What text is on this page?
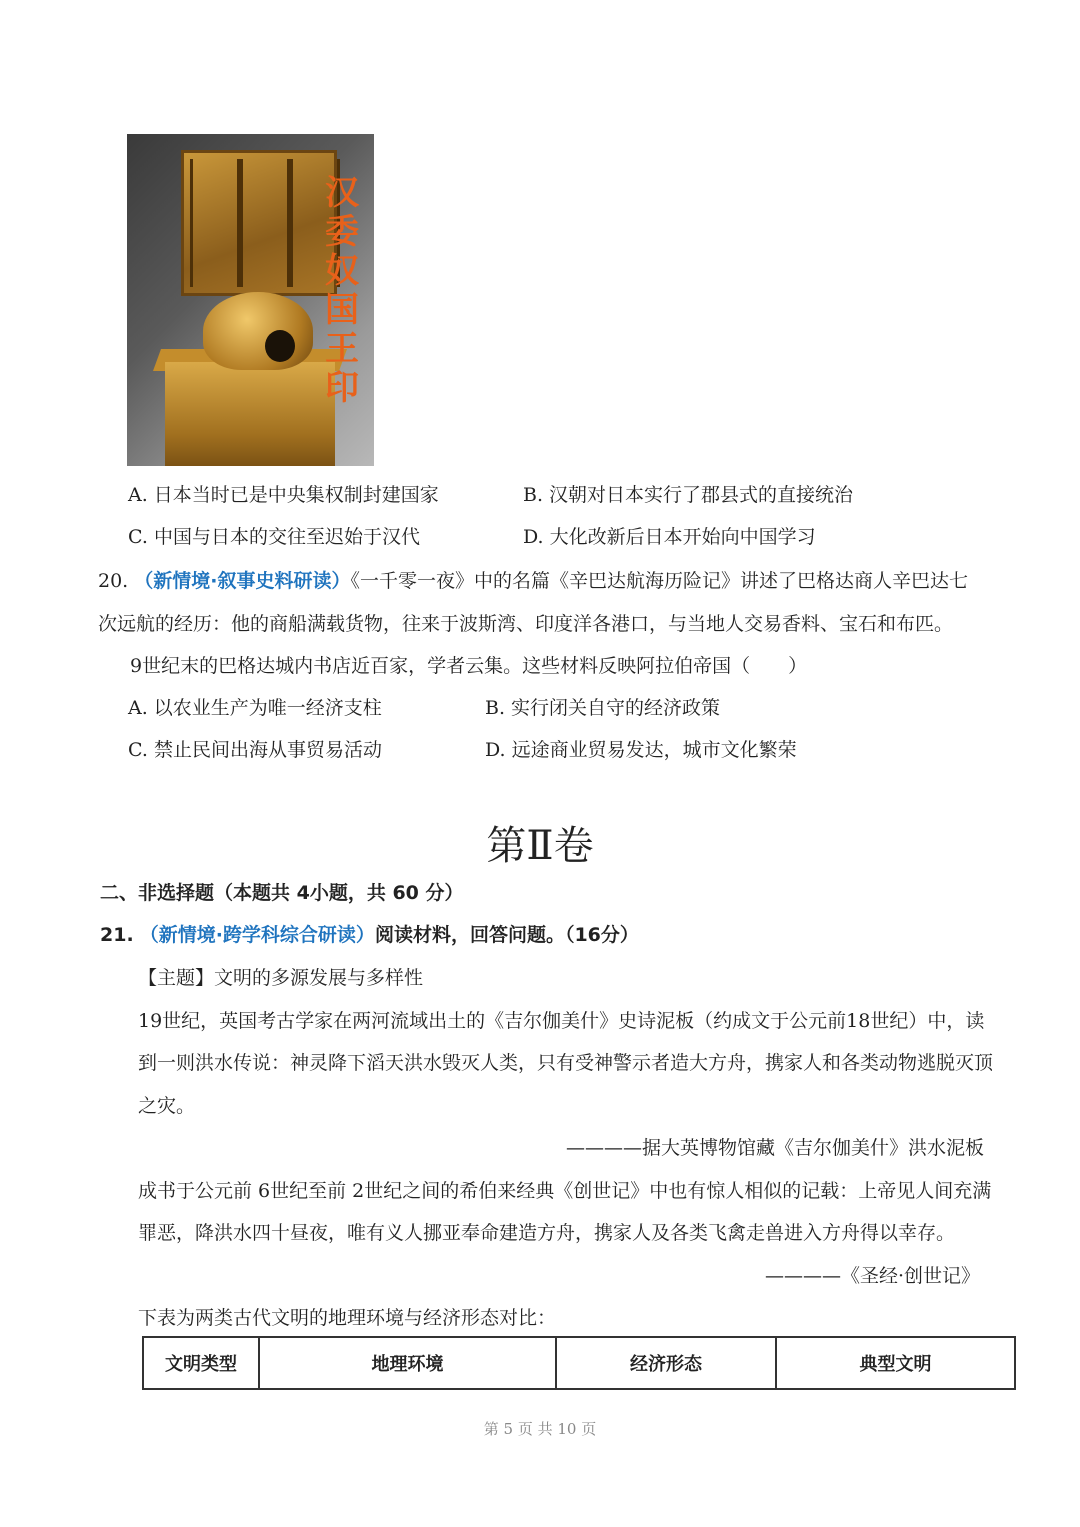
汉委奴国王印
A. 日本当时已是中央集权制封建国家	B. 汉朝对日本实行了郡县式的直接统治
C. 中国与日本的交往至迟始于汉代	D. 大化改新后日本开始向中国学习
20. （新情境·叙事史料研读）《一千零一夜》中的名篇《辛巴达航海历险记》讲述了巴格达商人辛巴达七
次远航的经历：他的商船满载货物，往来于波斯湾、印度洋各港口，与当地人交易香料、宝石和布匹。
9世纪末的巴格达城内书店近百家，学者云集。这些材料反映阿拉伯帝国（　　）
A. 以农业生产为唯一经济支柱	B. 实行闭关自守的经济政策
C. 禁止民间出海从事贸易活动	D. 远途商业贸易发达，城市文化繁荣
第Ⅱ卷
二、非选择题（本题共 4小题，共 60 分）
21. （新情境·跨学科综合研读）阅读材料，回答问题。（16分）
【主题】文明的多源发展与多样性
19世纪，英国考古学家在两河流域出土的《吉尔伽美什》史诗泥板（约成文于公元前18世纪）中，读
到一则洪水传说：神灵降下滔天洪水毁灭人类，只有受神警示者造大方舟，携家人和各类动物逃脱灭顶
之灾。
————据大英博物馆藏《吉尔伽美什》洪水泥板
成书于公元前 6世纪至前 2世纪之间的希伯来经典《创世记》中也有惊人相似的记载：上帝见人间充满
罪恶，降洪水四十昼夜，唯有义人挪亚奉命建造方舟，携家人及各类飞禽走兽进入方舟得以幸存。
————《圣经·创世记》
下表为两类古代文明的地理环境与经济形态对比：
文明类型	地理环境	经济形态	典型文明
第 5 页 共 10 页
